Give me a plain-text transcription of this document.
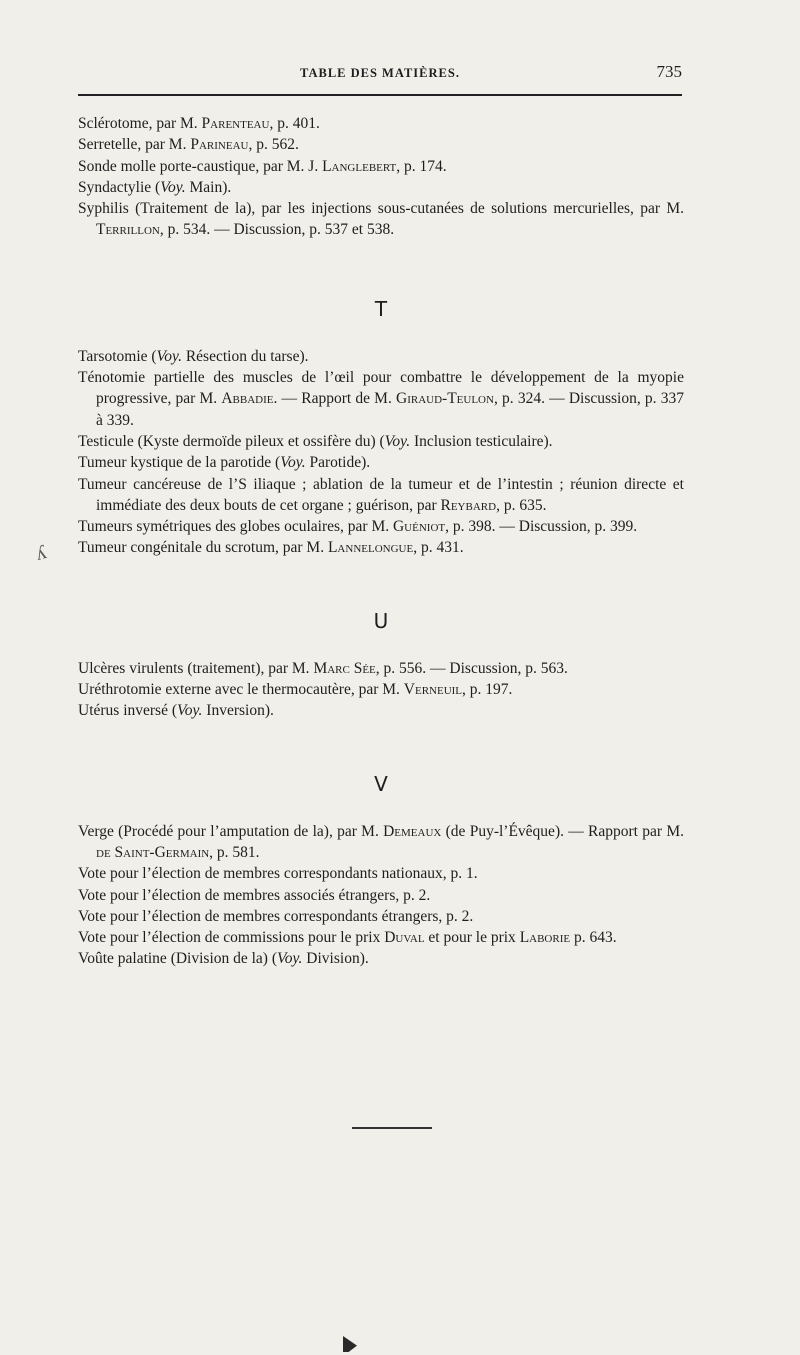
TABLE DES MATIÈRES.	735
ʎ
Sclérotome, par M. Parenteau, p. 401.
Serretelle, par M. Parineau, p. 562.
Sonde molle porte-caustique, par M. J. Langlebert, p. 174.
Syndactylie (Voy. Main).
Syphilis (Traitement de la), par les injections sous-cutanées de solutions mercurielles, par M. Terrillon, p. 534. — Discussion, p. 537 et 538.
T
Tarsotomie (Voy. Résection du tarse).
Ténotomie partielle des muscles de l’œil pour combattre le développement de la myopie progressive, par M. Abbadie. — Rapport de M. Giraud-Teulon, p. 324. — Discussion, p. 337 à 339.
Testicule (Kyste dermoïde pileux et ossifère du) (Voy. Inclusion testiculaire).
Tumeur kystique de la parotide (Voy. Parotide).
Tumeur cancéreuse de l’S iliaque ; ablation de la tumeur et de l’intestin ; réunion directe et immédiate des deux bouts de cet organe ; guérison, par Reybard, p. 635.
Tumeurs symétriques des globes oculaires, par M. Guéniot, p. 398. — Discussion, p. 399.
Tumeur congénitale du scrotum, par M. Lannelongue, p. 431.
U
Ulcères virulents (traitement), par M. Marc Sée, p. 556. — Discussion, p. 563.
Uréthrotomie externe avec le thermocautère, par M. Verneuil, p. 197.
Utérus inversé (Voy. Inversion).
V
Verge (Procédé pour l’amputation de la), par M. Demeaux (de Puy-l’Évêque). — Rapport par M. de Saint-Germain, p. 581.
Vote pour l’élection de membres correspondants nationaux, p. 1.
Vote pour l’élection de membres associés étrangers, p. 2.
Vote pour l’élection de membres correspondants étrangers, p. 2.
Vote pour l’élection de commissions pour le prix Duval et pour le prix Laborie p. 643.
Voûte palatine (Division de la) (Voy. Division).
